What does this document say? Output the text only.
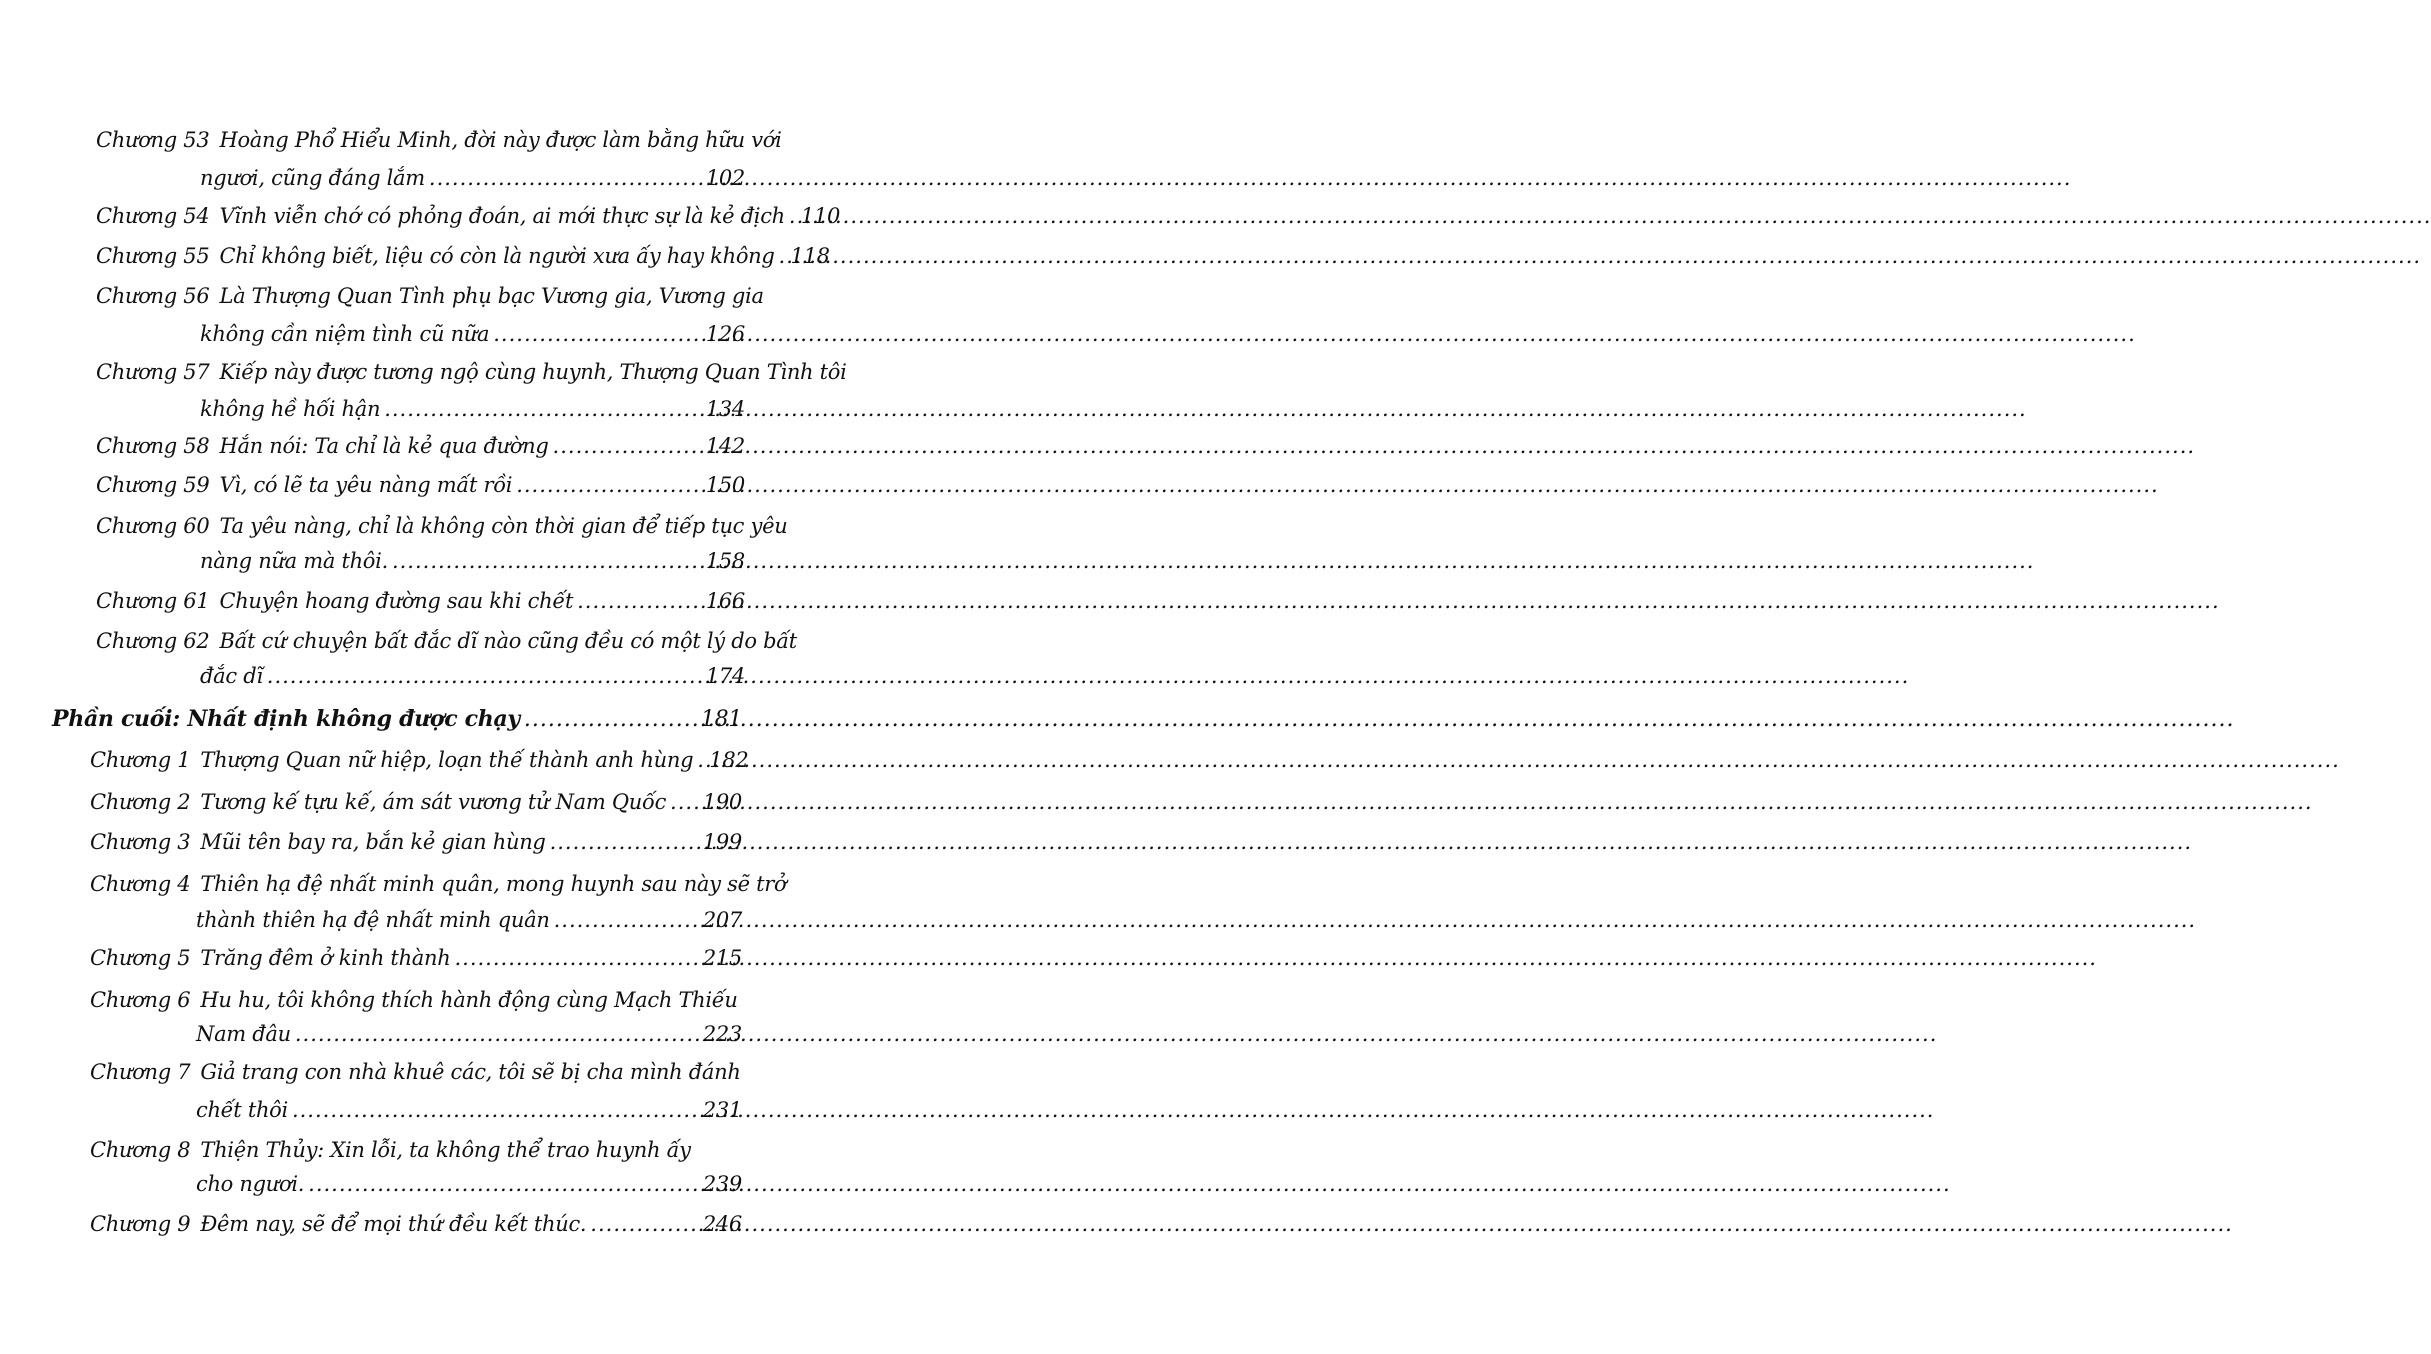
Chương 53 Hoàng Phổ Hiểu Minh, đời này được làm bằng hữu với
ngươi, cũng đáng lắm .....	102
Chương 54 Vĩnh viễn chớ có phỏng đoán, ai mới thực sự là kẻ địch ..... 110
Chương 55 Chỉ không biết, liệu có còn là người xưa ấy hay không ..... 118
Chương 56 Là Thượng Quan Tình phụ bạc Vương gia, Vương gia
không cần niệm tình cũ nữa .....	126
Chương 57 Kiếp này được tương ngộ cùng huynh, Thượng Quan Tình tôi
không hề hối hận .....	134
Chương 58 Hắn nói: Ta chỉ là kẻ qua đường .....	142
Chương 59 Vì, có lẽ ta yêu nàng mất rồi .....	150
Chương 60 Ta yêu nàng, chỉ là không còn thời gian để tiếp tục yêu
nàng nữa mà thôi. .....	158
Chương 61 Chuyện hoang đường sau khi chết .....	166
Chương 62 Bất cứ chuyện bất đắc dĩ nào cũng đều có một lý do bất
đắc dĩ .....	174
Phần cuối: Nhất định không được chạy .....	181
Chương 1 Thượng Quan nữ hiệp, loạn thế thành anh hùng ..... 182
Chương 2 Tương kế tựu kế, ám sát vương tử Nam Quốc ..... 190
Chương 3 Mũi tên bay ra, bắn kẻ gian hùng .....	199
Chương 4 Thiên hạ đệ nhất minh quân, mong huynh sau này sẽ trở
thành thiên hạ đệ nhất minh quân .....	207
Chương 5 Trăng đêm ở kinh thành .....	215
Chương 6 Hu hu, tôi không thích hành động cùng Mạch Thiếu
Nam đâu .....	223
Chương 7 Giả trang con nhà khuê các, tôi sẽ bị cha mình đánh
chết thôi .....	231
Chương 8 Thiện Thủy: Xin lỗi, ta không thể trao huynh ấy
cho ngươi. .....	239
Chương 9 Đêm nay, sẽ để mọi thứ đều kết thúc. .....	246
